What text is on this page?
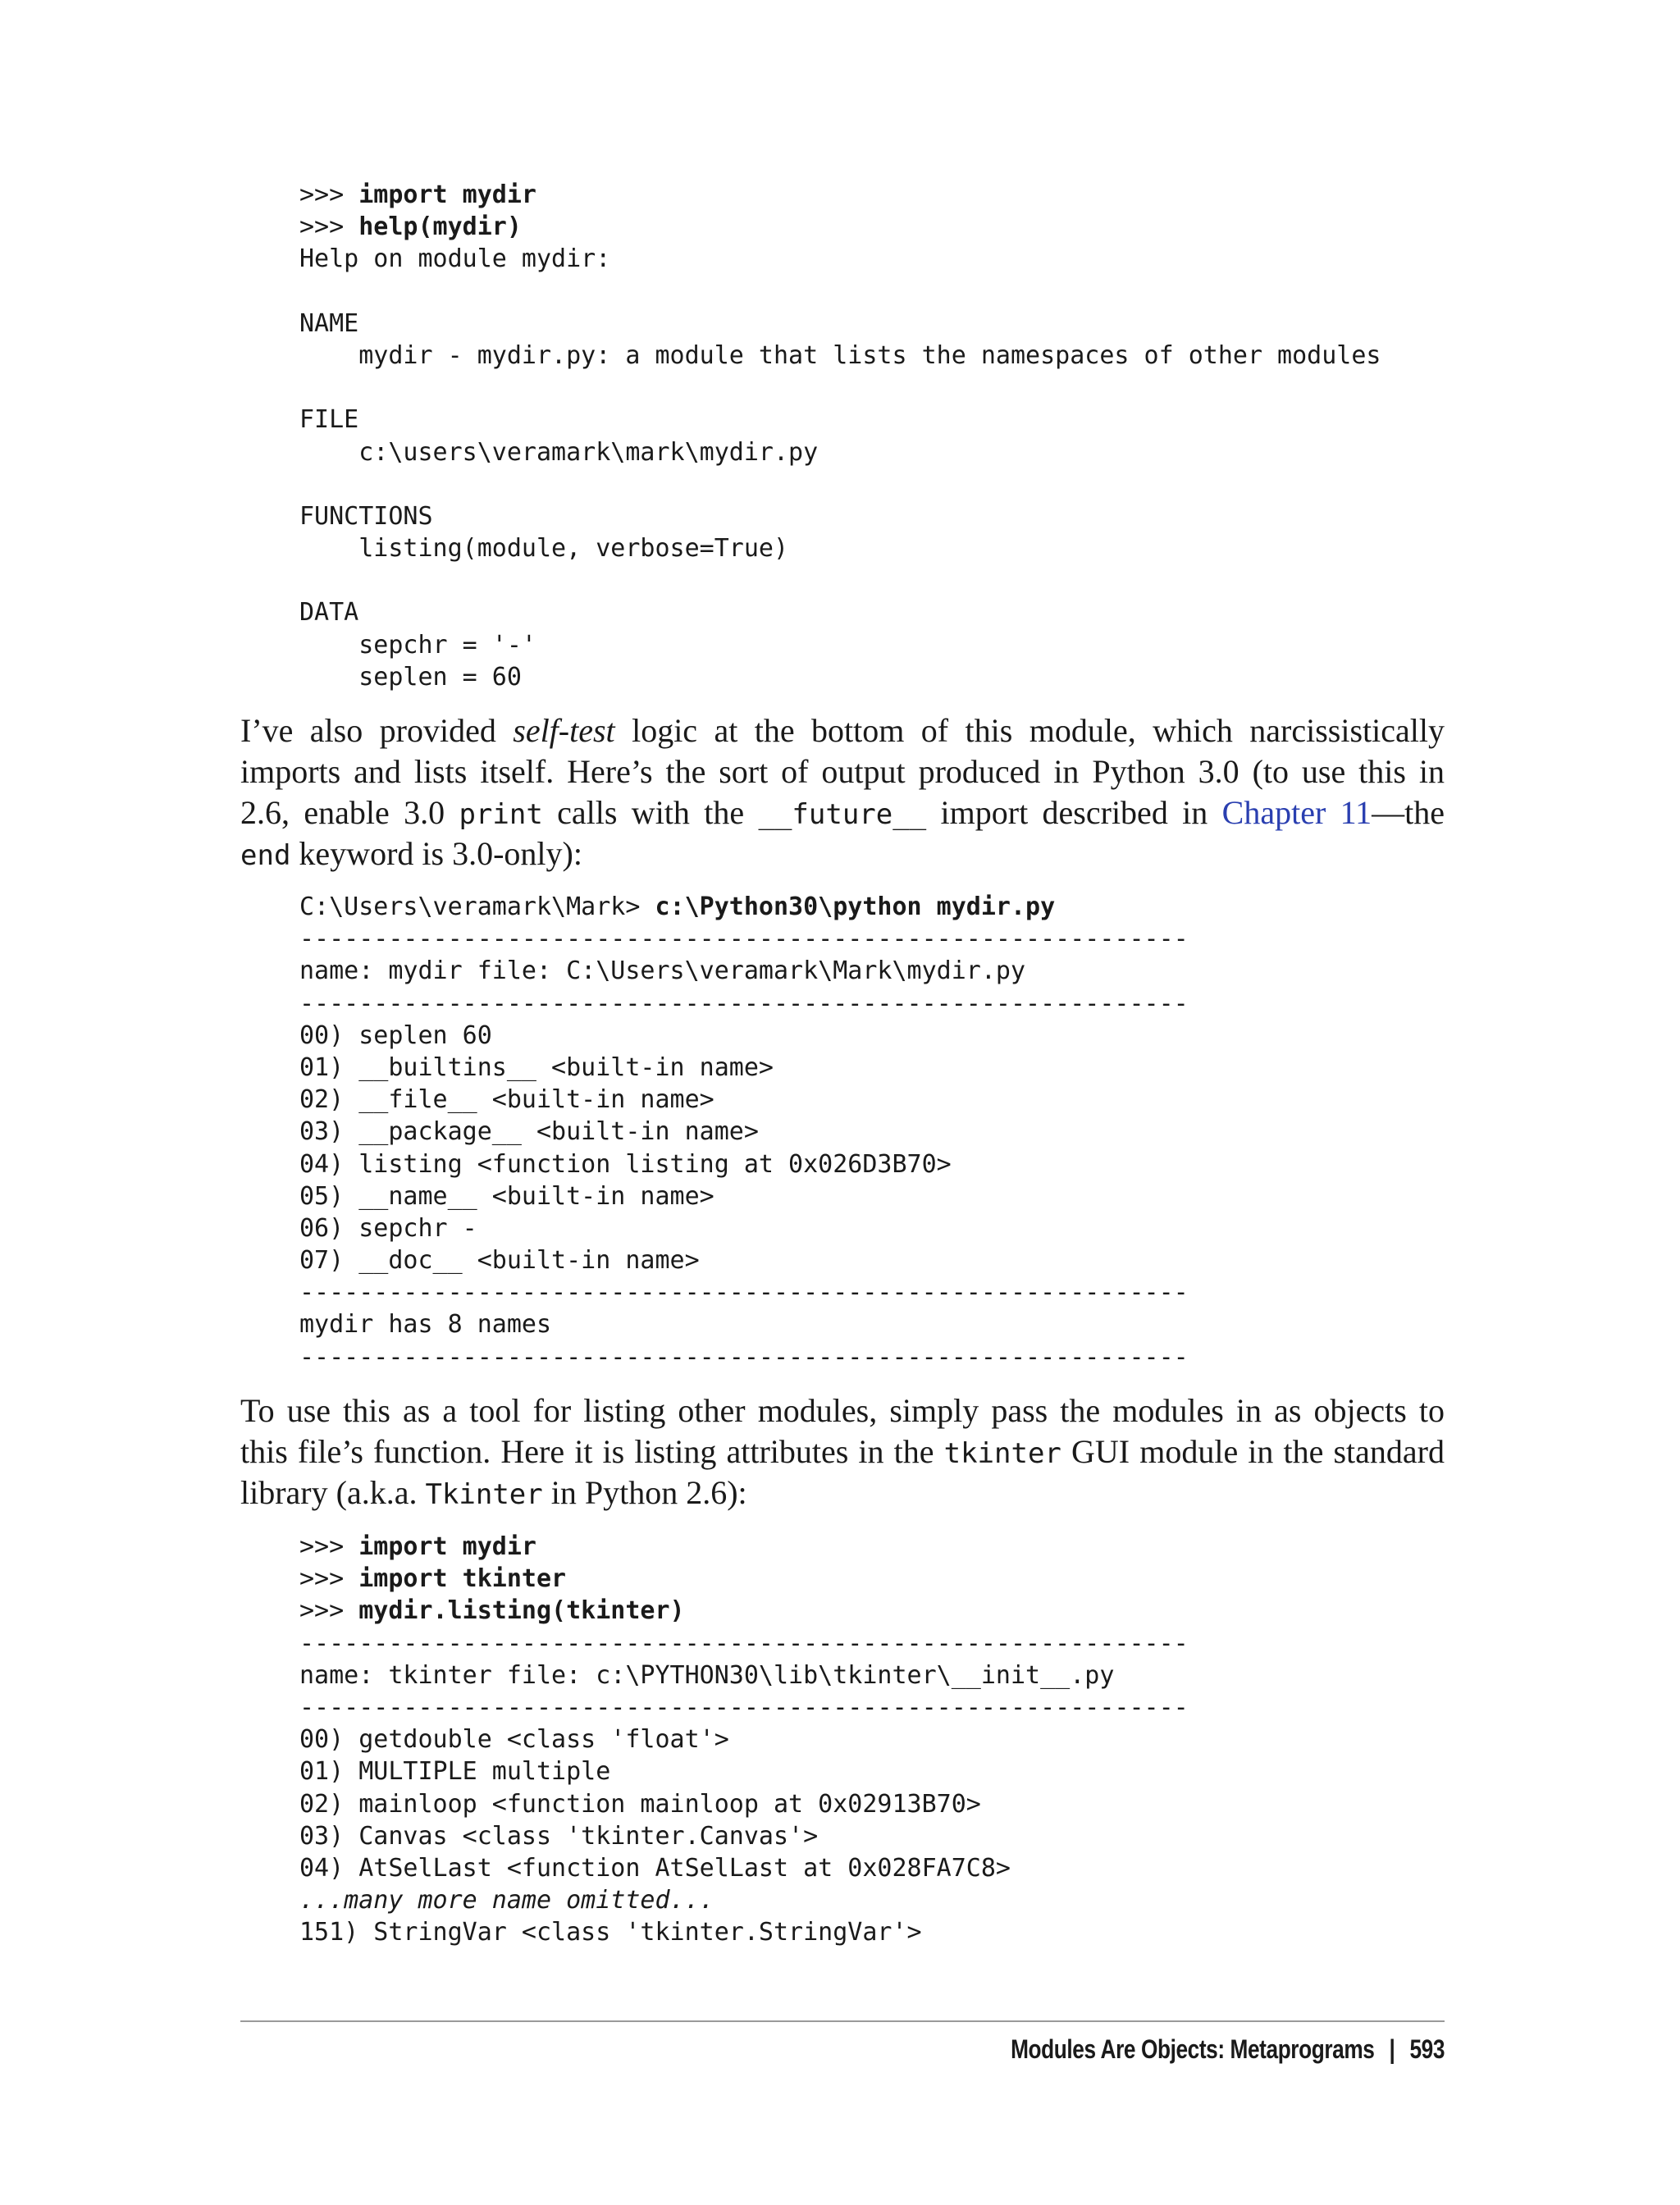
>>> import mydir
>>> help(mydir)
Help on module mydir:
NAME
mydir - mydir.py: a module that lists the namespaces of other modules
FILE
c:\users\veramark\mark\mydir.py
FUNCTIONS
listing(module, verbose=True)
DATA
sepchr = '-'
seplen = 60
I’ve also provided self-test logic at the bottom of this module, which narcissistically
imports and lists itself. Here’s the sort of output produced in Python 3.0 (to use this in
2.6, enable 3.0 print calls with the __future__ import described in Chapter 11—the
end keyword is 3.0-only):
C:\Users\veramark\Mark> c:\Python30\python mydir.py
------------------------------------------------------------
name: mydir file: C:\Users\veramark\Mark\mydir.py
------------------------------------------------------------
00) seplen 60
01) __builtins__ <built-in name>
02) __file__ <built-in name>
03) __package__ <built-in name>
04) listing <function listing at 0x026D3B70>
05) __name__ <built-in name>
06) sepchr -
07) __doc__ <built-in name>
------------------------------------------------------------
mydir has 8 names
------------------------------------------------------------
To use this as a tool for listing other modules, simply pass the modules in as objects to
this file’s function. Here it is listing attributes in the tkinter GUI module in the standard
library (a.k.a. Tkinter in Python 2.6):
>>> import mydir
>>> import tkinter
>>> mydir.listing(tkinter)
------------------------------------------------------------
name: tkinter file: c:\PYTHON30\lib\tkinter\__init__.py
------------------------------------------------------------
00) getdouble <class 'float'>
01) MULTIPLE multiple
02) mainloop <function mainloop at 0x02913B70>
03) Canvas <class 'tkinter.Canvas'>
04) AtSelLast <function AtSelLast at 0x028FA7C8>
...many more name omitted...
151) StringVar <class 'tkinter.StringVar'>
Modules Are Objects: Metaprograms | 593
